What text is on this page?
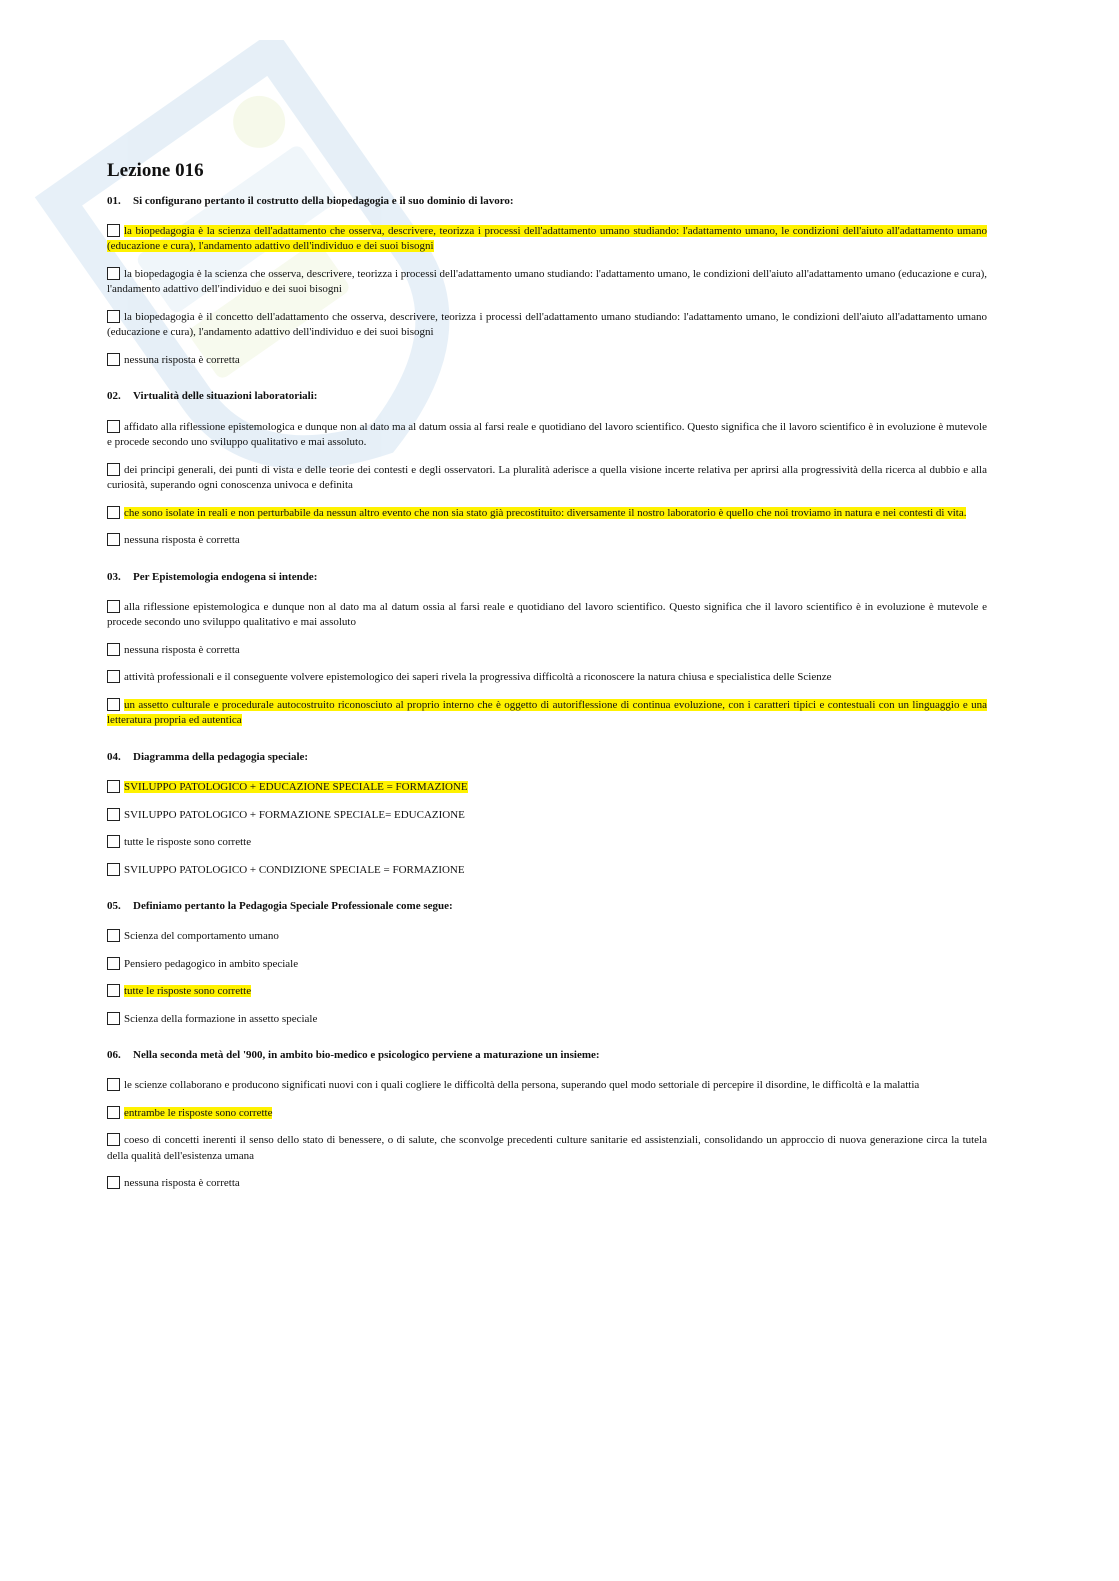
Lezione 016

01. Si configurano pertanto il costrutto della biopedagogia e il suo dominio di lavoro:

la biopedagogia è la scienza dell'adattamento che osserva, descrivere, teorizza i processi dell'adattamento umano studiando: l'adattamento umano, le condizioni dell'aiuto all'adattamento umano (educazione e cura), l'andamento adattivo dell'individuo e dei suoi bisogni

la biopedagogia è la scienza che osserva, descrivere, teorizza i processi dell'adattamento umano studiando: l'adattamento umano, le condizioni dell'aiuto all'adattamento umano (educazione e cura), l'andamento adattivo dell'individuo e dei suoi bisogni

la biopedagogia è il concetto dell'adattamento che osserva, descrivere, teorizza i processi dell'adattamento umano studiando: l'adattamento umano, le condizioni dell'aiuto all'adattamento umano (educazione e cura), l'andamento adattivo dell'individuo e dei suoi bisogni

nessuna risposta è corretta

02. Virtualità delle situazioni laboratoriali:

affidato alla riflessione epistemologica e dunque non al dato ma al datum ossia al farsi reale e quotidiano del lavoro scientifico. Questo significa che il lavoro scientifico è in evoluzione è mutevole e procede secondo uno sviluppo qualitativo e mai assoluto.

dei principi generali, dei punti di vista e delle teorie dei contesti e degli osservatori. La pluralità aderisce a quella visione incerte relativa per aprirsi alla progressività della ricerca al dubbio e alla curiosità, superando ogni conoscenza univoca e definita

che sono isolate in reali e non perturbabile da nessun altro evento che non sia stato già precostituito: diversamente il nostro laboratorio è quello che noi troviamo in natura e nei contesti di vita.

nessuna risposta è corretta

03. Per Epistemologia endogena si intende:

alla riflessione epistemologica e dunque non al dato ma al datum ossia al farsi reale e quotidiano del lavoro scientifico. Questo significa che il lavoro scientifico è in evoluzione è mutevole e procede secondo uno sviluppo qualitativo e mai assoluto

nessuna risposta è corretta

attività professionali e il conseguente volvere epistemologico dei saperi rivela la progressiva difficoltà a riconoscere la natura chiusa e specialistica delle Scienze

un assetto culturale e procedurale autocostruito riconosciuto al proprio interno che è oggetto di autoriflessione di continua evoluzione, con i caratteri tipici e contestuali con un linguaggio e una letteratura propria ed autentica

04. Diagramma della pedagogia speciale:

SVILUPPO PATOLOGICO + EDUCAZIONE SPECIALE = FORMAZIONE

SVILUPPO PATOLOGICO + FORMAZIONE SPECIALE= EDUCAZIONE

tutte le risposte sono corrette

SVILUPPO PATOLOGICO + CONDIZIONE SPECIALE = FORMAZIONE

05. Definiamo pertanto la Pedagogia Speciale Professionale come segue:

Scienza del comportamento umano

Pensiero pedagogico in ambito speciale

tutte le risposte sono corrette

Scienza della formazione in assetto speciale

06. Nella seconda metà del '900, in ambito bio-medico e psicologico perviene a maturazione un insieme:

le scienze collaborano e producono significati nuovi con i quali cogliere le difficoltà della persona, superando quel modo settoriale di percepire il disordine, le difficoltà e la malattia

entrambe le risposte sono corrette

coeso di concetti inerenti il senso dello stato di benessere, o di salute, che sconvolge precedenti culture sanitarie ed assistenziali, consolidando un approccio di nuova generazione circa la tutela della qualità dell'esistenza umana

nessuna risposta è corretta
